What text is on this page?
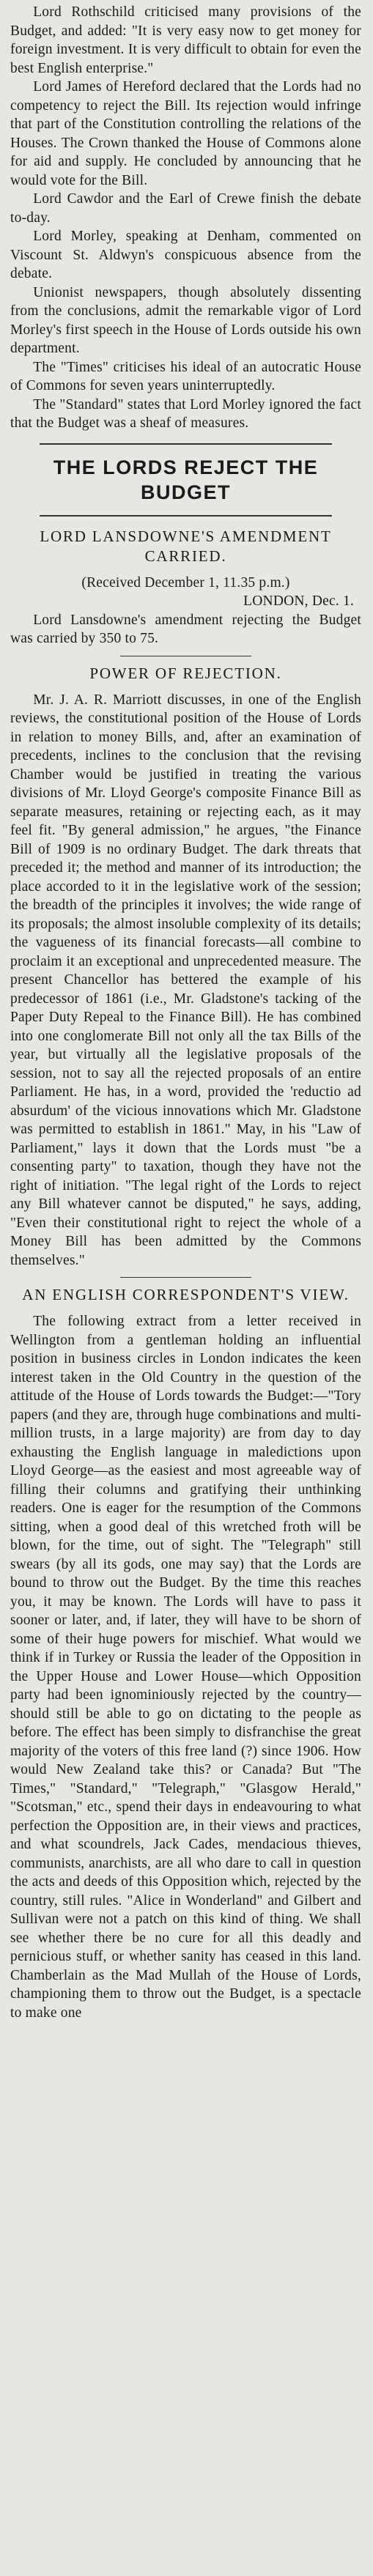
Lord Rothschild criticised many provisions of the Budget, and added: "It is very easy now to get money for foreign investment. It is very difficult to obtain for even the best English enterprise."

Lord James of Hereford declared that the Lords had no competency to reject the Bill. Its rejection would infringe that part of the Constitution controlling the relations of the Houses. The Crown thanked the House of Commons alone for aid and supply. He concluded by announcing that he would vote for the Bill.

Lord Cawdor and the Earl of Crewe finish the debate to-day.

Lord Morley, speaking at Denham, commented on Viscount St. Aldwyn's conspicuous absence from the debate.

Unionist newspapers, though absolutely dissenting from the conclusions, admit the remarkable vigor of Lord Morley's first speech in the House of Lords outside his own department.

The "Times" criticises his ideal of an autocratic House of Commons for seven years uninterruptedly.

The "Standard" states that Lord Morley ignored the fact that the Budget was a sheaf of measures.

THE LORDS REJECT THE BUDGET
LORD LANSDOWNE'S AMENDMENT CARRIED.

(Received December 1, 11.35 p.m.)

LONDON, Dec. 1.

Lord Lansdowne's amendment rejecting the Budget was carried by 350 to 75.

POWER OF REJECTION.

Mr. J. A. R. Marriott discusses, in one of the English reviews, the constitutional position of the House of Lords in relation to money Bills, and, after an examination of precedents, inclines to the conclusion that the revising Chamber would be justified in treating the various divisions of Mr. Lloyd George's composite Finance Bill as separate measures, retaining or rejecting each, as it may feel fit. "By general admission," he argues, "the Finance Bill of 1909 is no ordinary Budget. The dark threats that preceded it; the method and manner of its introduction; the place accorded to it in the legislative work of the session; the breadth of the principles it involves; the wide range of its proposals; the almost insoluble complexity of its details; the vagueness of its financial forecasts—all combine to proclaim it an exceptional and unprecedented measure. The present Chancellor has bettered the example of his predecessor of 1861 (i.e., Mr. Gladstone's tacking of the Paper Duty Repeal to the Finance Bill). He has combined into one conglomerate Bill not only all the tax Bills of the year, but virtually all the legislative proposals of the session, not to say all the rejected proposals of an entire Parliament. He has, in a word, provided the 'reductio ad absurdum' of the vicious innovations which Mr. Gladstone was permitted to establish in 1861." May, in his "Law of Parliament," lays it down that the Lords must "be a consenting party" to taxation, though they have not the right of initiation. "The legal right of the Lords to reject any Bill whatever cannot be disputed," he says, adding, "Even their constitutional right to reject the whole of a Money Bill has been admitted by the Commons themselves."

AN ENGLISH CORRESPONDENT'S VIEW.

The following extract from a letter received in Wellington from a gentleman holding an influential position in business circles in London indicates the keen interest taken in the Old Country in the question of the attitude of the House of Lords towards the Budget:—"Tory papers (and they are, through huge combinations and multi-million trusts, in a large majority) are from day to day exhausting the English language in maledictions upon Lloyd George—as the easiest and most agreeable way of filling their columns and gratifying their unthinking readers. One is eager for the resumption of the Commons sitting, when a good deal of this wretched froth will be blown, for the time, out of sight. The "Telegraph" still swears (by all its gods, one may say) that the Lords are bound to throw out the Budget. By the time this reaches you, it may be known. The Lords will have to pass it sooner or later, and, if later, they will have to be shorn of some of their huge powers for mischief. What would we think if in Turkey or Russia the leader of the Opposition in the Upper House and Lower House—which Opposition party had been ignominiously rejected by the country—should still be able to go on dictating to the people as before. The effect has been simply to disfranchise the great majority of the voters of this free land (?) since 1906. How would New Zealand take this? or Canada? But "The Times," "Standard," "Telegraph," "Glasgow Herald," "Scotsman," etc., spend their days in endeavouring to what perfection the Opposition are, in their views and practices, and what scoundrels, Jack Cades, mendacious thieves, communists, anarchists, are all who dare to call in question the acts and deeds of this Opposition which, rejected by the country, still rules. "Alice in Wonderland" and Gilbert and Sullivan were not a patch on this kind of thing. We shall see whether there be no cure for all this deadly and pernicious stuff, or whether sanity has ceased in this land. Chamberlain as the Mad Mullah of the House of Lords, championing them to throw out the Budget, is a spectacle to make one
